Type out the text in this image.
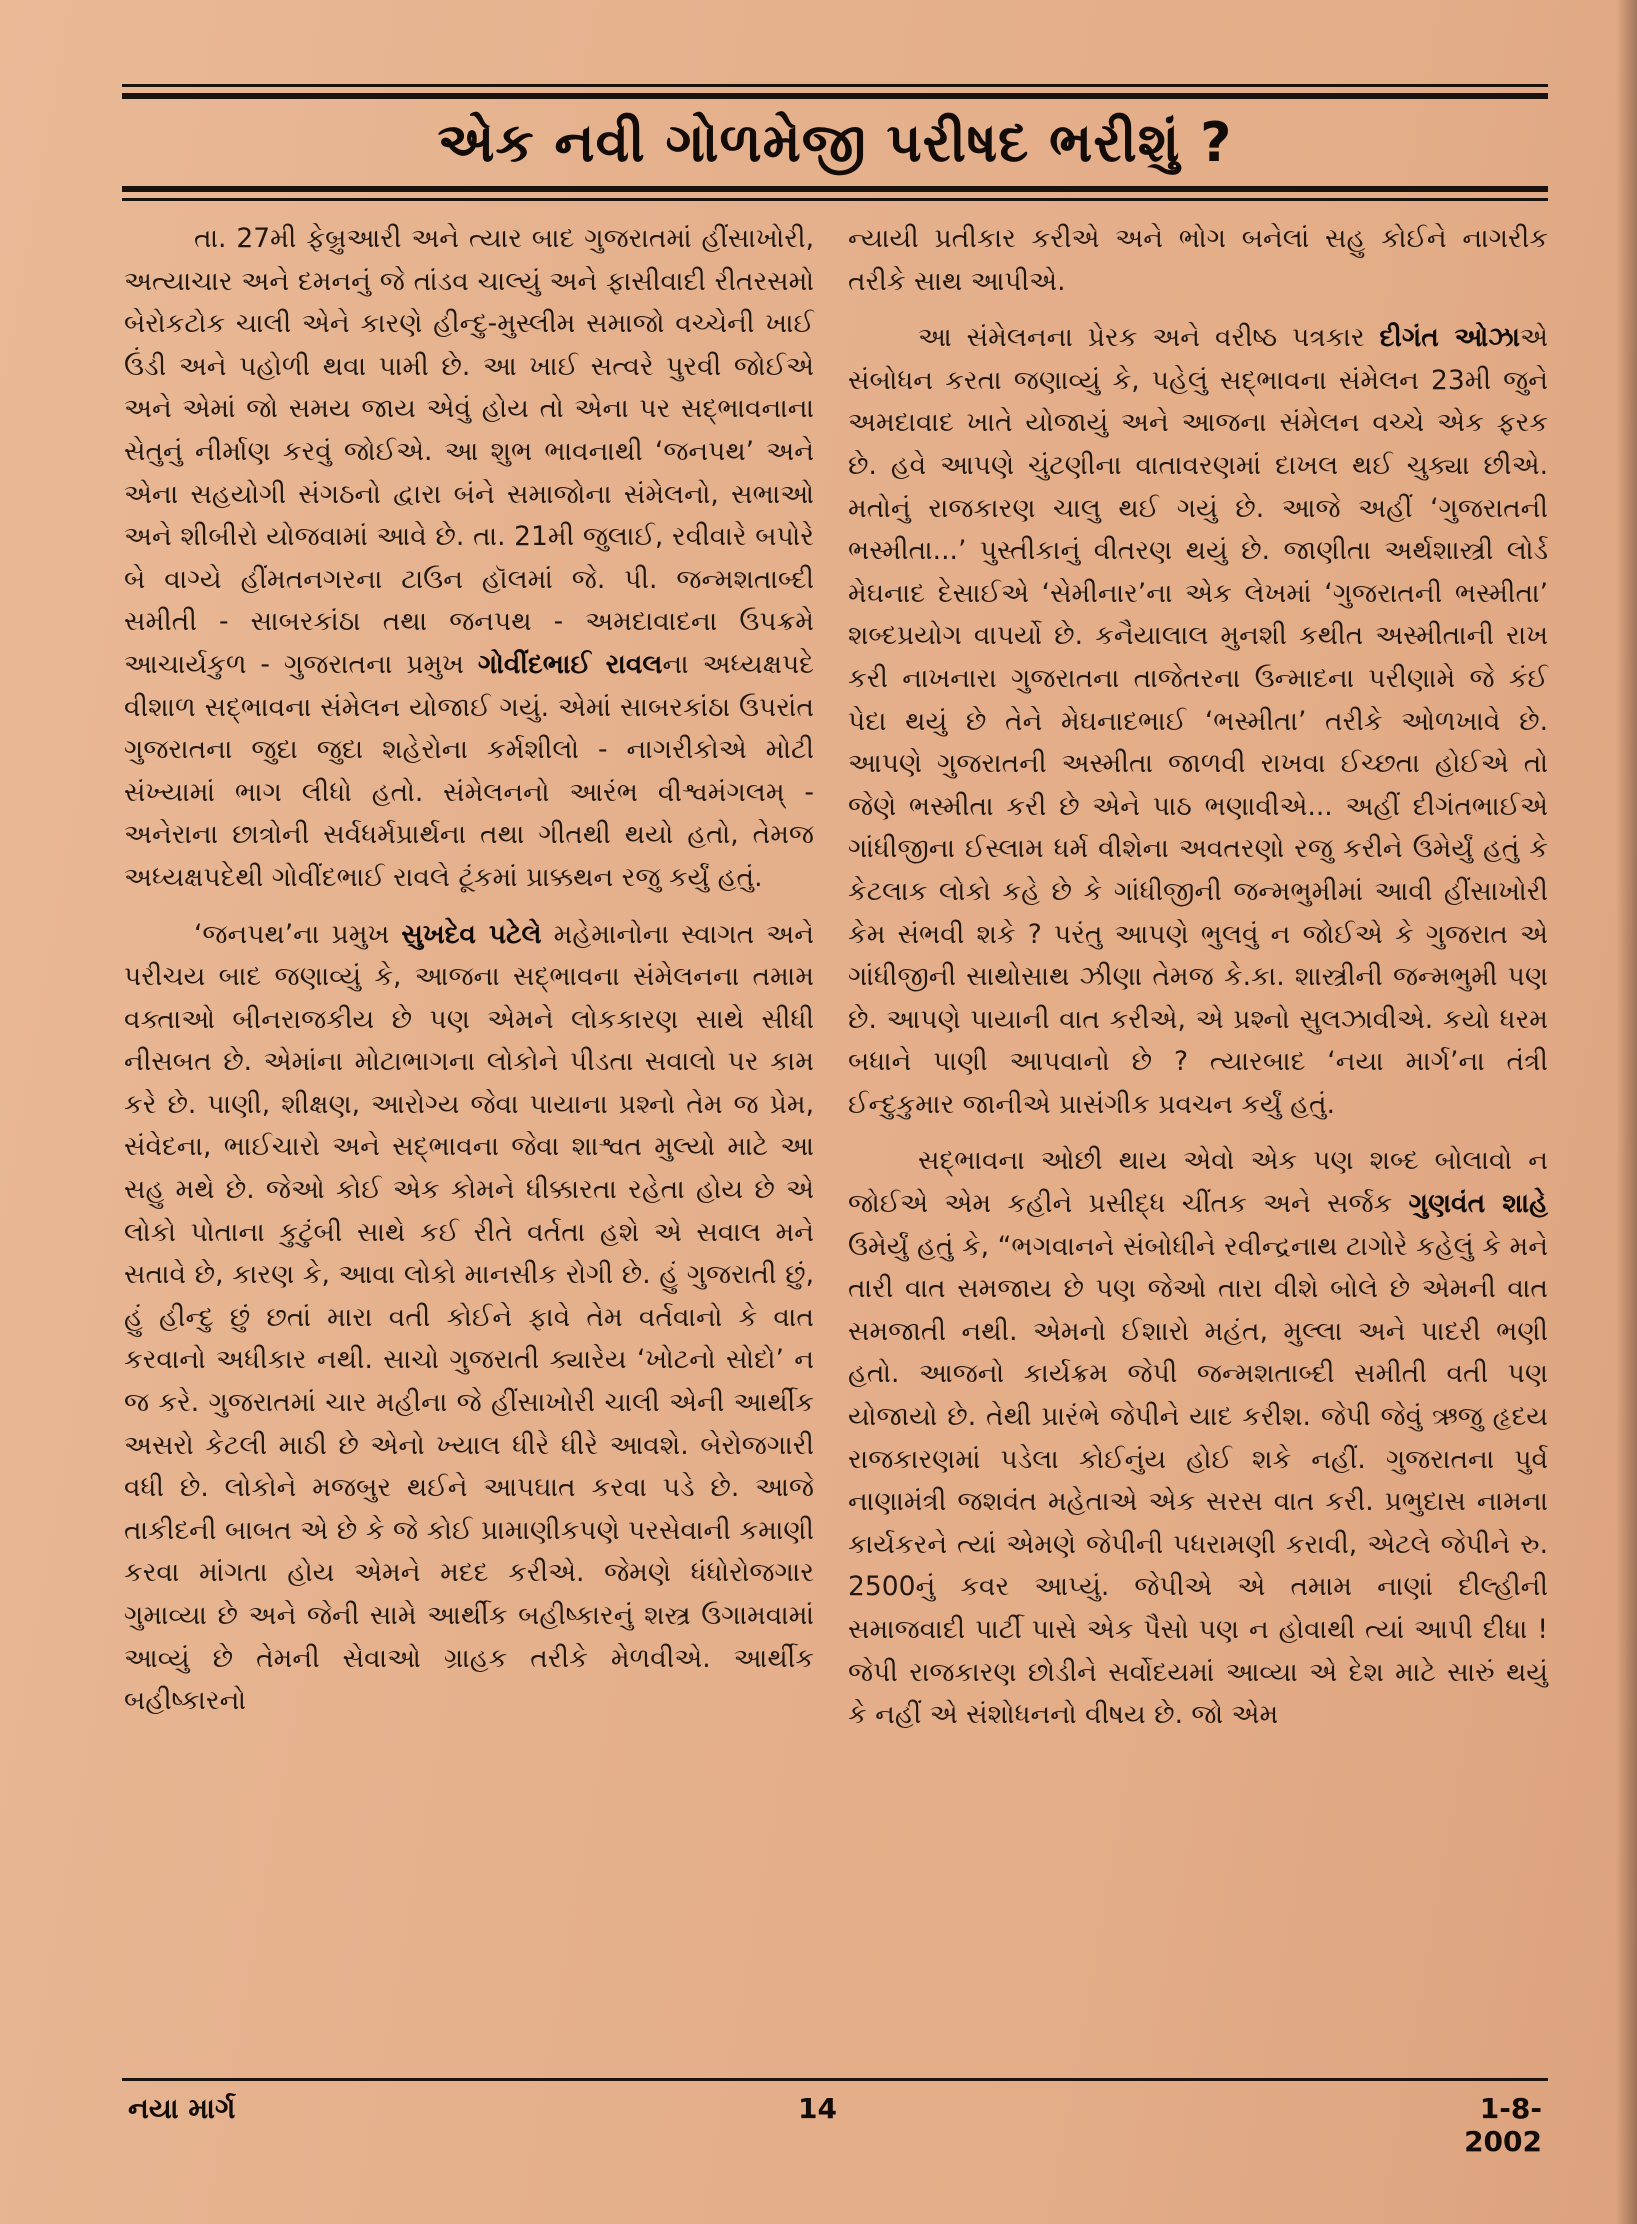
એક નવી ગોળમેજી પરીષદ ભરીશું ?

તા. 27મી ફેબ્રુઆરી અને ત્યાર બાદ ગુજરાતમાં હીંસાખોરી, અત્યાચાર અને દમનનું જે તાંડવ ચાલ્યું અને ફાસીવાદી રીતરસમો બેરોકટોક ચાલી એને કારણે હીન્દુ-મુસ્લીમ સમાજો વચ્ચેની ખાઈ ઉંડી અને પહોળી થવા પામી છે. આ ખાઈ સત્વરે પુરવી જોઈએ અને એમાં જો સમય જાય એવું હોય તો એના પર સદ્ભાવનાના સેતુનું નીર્માણ કરવું જોઈએ. આ શુભ ભાવનાથી ‘જનપથ’ અને એના સહયોગી સંગઠનો દ્વારા બંને સમાજોના સંમેલનો, સભાઓ અને શીબીરો યોજવામાં આવે છે. તા. 21મી જુલાઈ, રવીવારે બપોરે બે વાગ્યે હીંમતનગરના ટાઉન હૉલમાં જે. પી. જન્મશતાબ્દી સમીતી - સાબરકાંઠા તથા જનપથ - અમદાવાદના ઉપક્રમે આચાર્યકુળ - ગુજરાતના પ્રમુખ ગોવીંદભાઈ રાવલના અધ્યક્ષપદે વીશાળ સદ્ભાવના સંમેલન યોજાઈ ગયું. એમાં સાબરકાંઠા ઉપરાંત ગુજરાતના જુદા જુદા શહેરોના કર્મશીલો - નાગરીકોએ મોટી સંખ્યામાં ભાગ લીધો હતો. સંમેલનનો આરંભ વીશ્વમંગલમ્ - અનેરાના છાત્રોની સર્વધર્મપ્રાર્થના તથા ગીતથી થયો હતો, તેમજ અધ્યક્ષપદેથી ગોવીંદભાઈ રાવલે ટૂંકમાં પ્રાક્કથન રજુ કર્યું હતું.

‘જનપથ’ના પ્રમુખ સુખદેવ પટેલે મહેમાનોના સ્વાગત અને પરીચય બાદ જણાવ્યું કે, આજના સદ્ભાવના સંમેલનના તમામ વક્તાઓ બીનરાજકીય છે પણ એમને લોકકારણ સાથે સીધી નીસબત છે. એમાંના મોટાભાગના લોકોને પીડતા સવાલો પર કામ કરે છે. પાણી, શીક્ષણ, આરોગ્ય જેવા પાયાના પ્રશ્નો તેમ જ પ્રેમ, સંવેદના, ભાઈચારો અને સદ્ભાવના જેવા શાશ્વત મુલ્યો માટે આ સહુ મથે છે. જેઓ કોઈ એક કોમને ધીક્કારતા રહેતા હોય છે એ લોકો પોતાના કુટુંબી સાથે કઈ રીતે વર્તતા હશે એ સવાલ મને સતાવે છે, કારણ કે, આવા લોકો માનસીક રોગી છે. હું ગુજરાતી છું, હું હીન્દુ છું છતાં મારા વતી કોઈને ફાવે તેમ વર્તવાનો કે વાત કરવાનો અધીકાર નથી. સાચો ગુજરાતી ક્યારેય ‘ખોટનો સોદો’ ન જ કરે. ગુજરાતમાં ચાર મહીના જે હીંસાખોરી ચાલી એની આર્થીક અસરો કેટલી માઠી છે એનો ખ્યાલ ધીરે ધીરે આવશે. બેરોજગારી વધી છે. લોકોને મજબુર થઈને આપઘાત કરવા પડે છે. આજે તાકીદની બાબત એ છે કે જે કોઈ પ્રામાણીકપણે પરસેવાની કમાણી કરવા માંગતા હોય એમને મદદ કરીએ. જેમણે ધંધોરોજગાર ગુમાવ્યા છે અને જેની સામે આર્થીક બહીષ્કારનું શસ્ત્ર ઉગામવામાં આવ્યું છે તેમની સેવાઓ ગ્રાહક તરીકે મેળવીએ. આર્થીક બહીષ્કારનો

ન્યાયી પ્રતીકાર કરીએ અને ભોગ બનેલાં સહુ કોઈને નાગરીક તરીકે સાથ આપીએ.

આ સંમેલનના પ્રેરક અને વરીષ્ઠ પત્રકાર દીગંત ઓઝાએ સંબોધન કરતા જણાવ્યું કે, પહેલું સદ્ભાવના સંમેલન 23મી જુને અમદાવાદ ખાતે યોજાયું અને આજના સંમેલન વચ્ચે એક ફરક છે. હવે આપણે ચુંટણીના વાતાવરણમાં દાખલ થઈ ચુક્યા છીએ. મતોનું રાજકારણ ચાલુ થઈ ગયું છે. આજે અહીં ‘ગુજરાતની ભસ્મીતા...’ પુસ્તીકાનું વીતરણ થયું છે. જાણીતા અર્થશાસ્ત્રી લોર્ડ મેઘનાદ દેસાઈએ ‘સેમીનાર’ના એક લેખમાં ‘ગુજરાતની ભસ્મીતા’ શબ્દપ્રયોગ વાપર્યો છે. કનૈયાલાલ મુનશી કથીત અસ્મીતાની રાખ કરી નાખનારા ગુજરાતના તાજેતરના ઉન્માદના પરીણામે જે કંઈ પેદા થયું છે તેને મેઘનાદભાઈ ‘ભસ્મીતા’ તરીકે ઓળખાવે છે. આપણે ગુજરાતની અસ્મીતા જાળવી રાખવા ઈચ્છતા હોઈએ તો જેણે ભસ્મીતા કરી છે એને પાઠ ભણાવીએ... અહીં દીગંતભાઈએ ગાંધીજીના ઈસ્લામ ધર્મ વીશેના અવતરણો રજુ કરીને ઉમેર્યું હતું કે કેટલાક લોકો કહે છે કે ગાંધીજીની જન્મભુમીમાં આવી હીંસાખોરી કેમ સંભવી શકે ? પરંતુ આપણે ભુલવું ન જોઈએ કે ગુજરાત એ ગાંધીજીની સાથોસાથ ઝીણા તેમજ કે.કા. શાસ્ત્રીની જન્મભુમી પણ છે. આપણે પાયાની વાત કરીએ, એ પ્રશ્નો સુલઝાવીએ. કયો ધરમ બધાને પાણી આપવાનો છે ? ત્યારબાદ ‘નયા માર્ગ’ના તંત્રી ઈન્દુકુમાર જાનીએ પ્રાસંગીક પ્રવચન કર્યું હતું.

સદ્ભાવના ઓછી થાય એવો એક પણ શબ્દ બોલાવો ન જોઈએ એમ કહીને પ્રસીદ્ધ ચીંતક અને સર્જક ગુણવંત શાહે ઉમેર્યું હતું કે, “ભગવાનને સંબોધીને રવીન્દ્રનાથ ટાગોરે કહેલું કે મને તારી વાત સમજાય છે પણ જેઓ તારા વીશે બોલે છે એમની વાત સમજાતી નથી. એમનો ઈશારો મહંત, મુલ્લા અને પાદરી ભણી હતો. આજનો કાર્યક્રમ જેપી જન્મશતાબ્દી સમીતી વતી પણ યોજાયો છે. તેથી પ્રારંભે જેપીને યાદ કરીશ. જેપી જેવું ઋજુ હૃદય રાજકારણમાં પડેલા કોઈનુંય હોઈ શકે નહીં. ગુજરાતના પુર્વ નાણામંત્રી જશવંત મહેતાએ એક સરસ વાત કરી. પ્રભુદાસ નામના કાર્યકરને ત્યાં એમણે જેપીની પધરામણી કરાવી, એટલે જેપીને રુ. 2500નું કવર આપ્યું. જેપીએ એ તમામ નાણાં દીલ્હીની સમાજવાદી પાર્ટી પાસે એક પૈસો પણ ન હોવાથી ત્યાં આપી દીધા ! જેપી રાજકારણ છોડીને સર્વોદયમાં આવ્યા એ દેશ માટે સારું થયું કે નહીં એ સંશોધનનો વીષય છે. જો એમ

નયા માર્ગ	14	1-8-2002
